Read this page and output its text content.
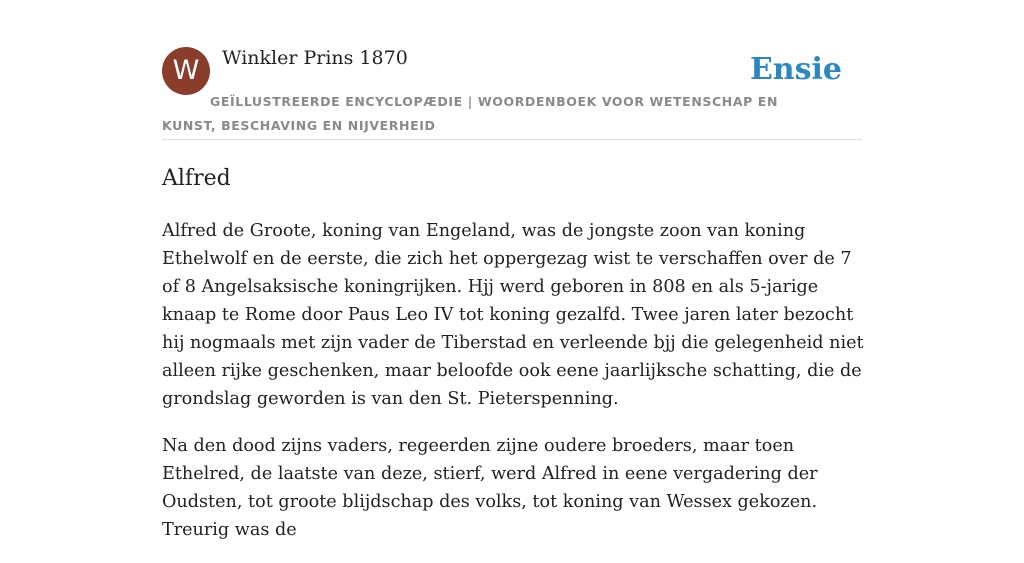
W	Winkler Prins 1870	Ensie
GEÏLLUSTREERDE ENCYCLOPÆDIE | WOORDENBOEK VOOR WETENSCHAP EN KUNST, BESCHAVING EN NIJVERHEID
Alfred

Alfred de Groote, koning van Engeland, was de jongste zoon van koning Ethelwolf en de eerste, die zich het oppergezag wist te verschaffen over de 7 of 8 Angelsaksische koningrijken. Hjj werd geboren in 808 en als 5-jarige knaap te Rome door Paus Leo IV tot koning gezalfd. Twee jaren later bezocht hij nogmaals met zijn vader de Tiberstad en verleende bjj die gelegenheid niet alleen rijke geschenken, maar beloofde ook eene jaarlijksche schatting, die de grondslag geworden is van den St. Pieterspenning.

Na den dood zijns vaders, regeerden zijne oudere broeders, maar toen Ethelred, de laatste van deze, stierf, werd Alfred in eene vergadering der Oudsten, tot groote blijdschap des volks, tot koning van Wessex gekozen. Treurig was de
